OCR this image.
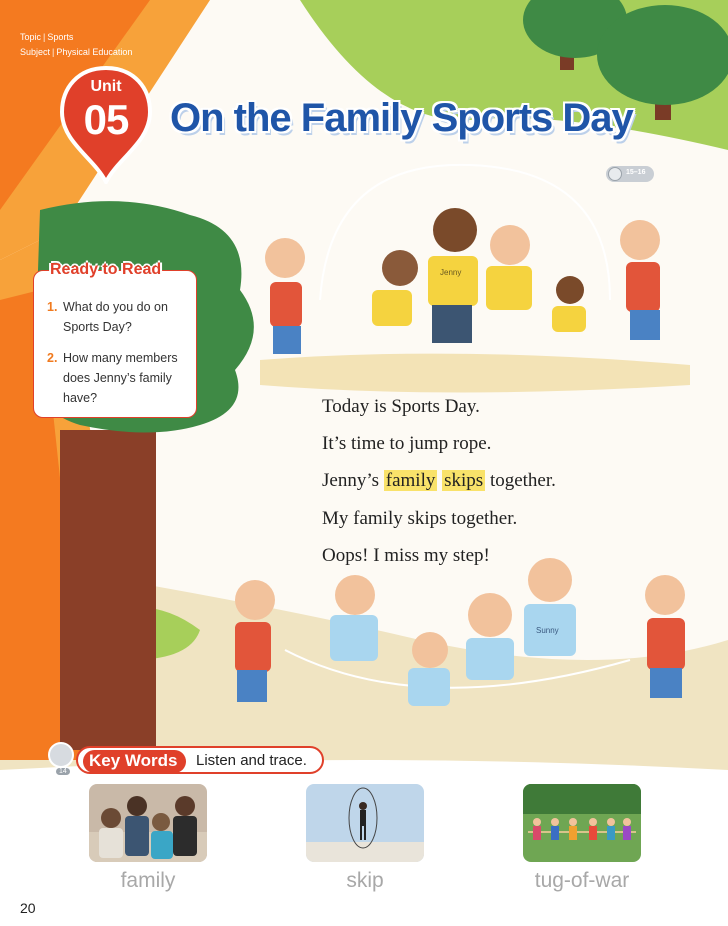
Topic | Sports
Subject | Physical Education
Unit
05	On the Family Sports Day
15–16
Ready to Read
1. What do you do on Sports Day?
2. How many members does Jenny’s family have?	Today is Sports Day.
It’s time to jump rope.
Jenny’s family skips together.
My family skips together.
Oops! I miss my step!
Jenny
Sunny
14
Key Words	Listen and trace.
family	skip	tug-of-war
20
